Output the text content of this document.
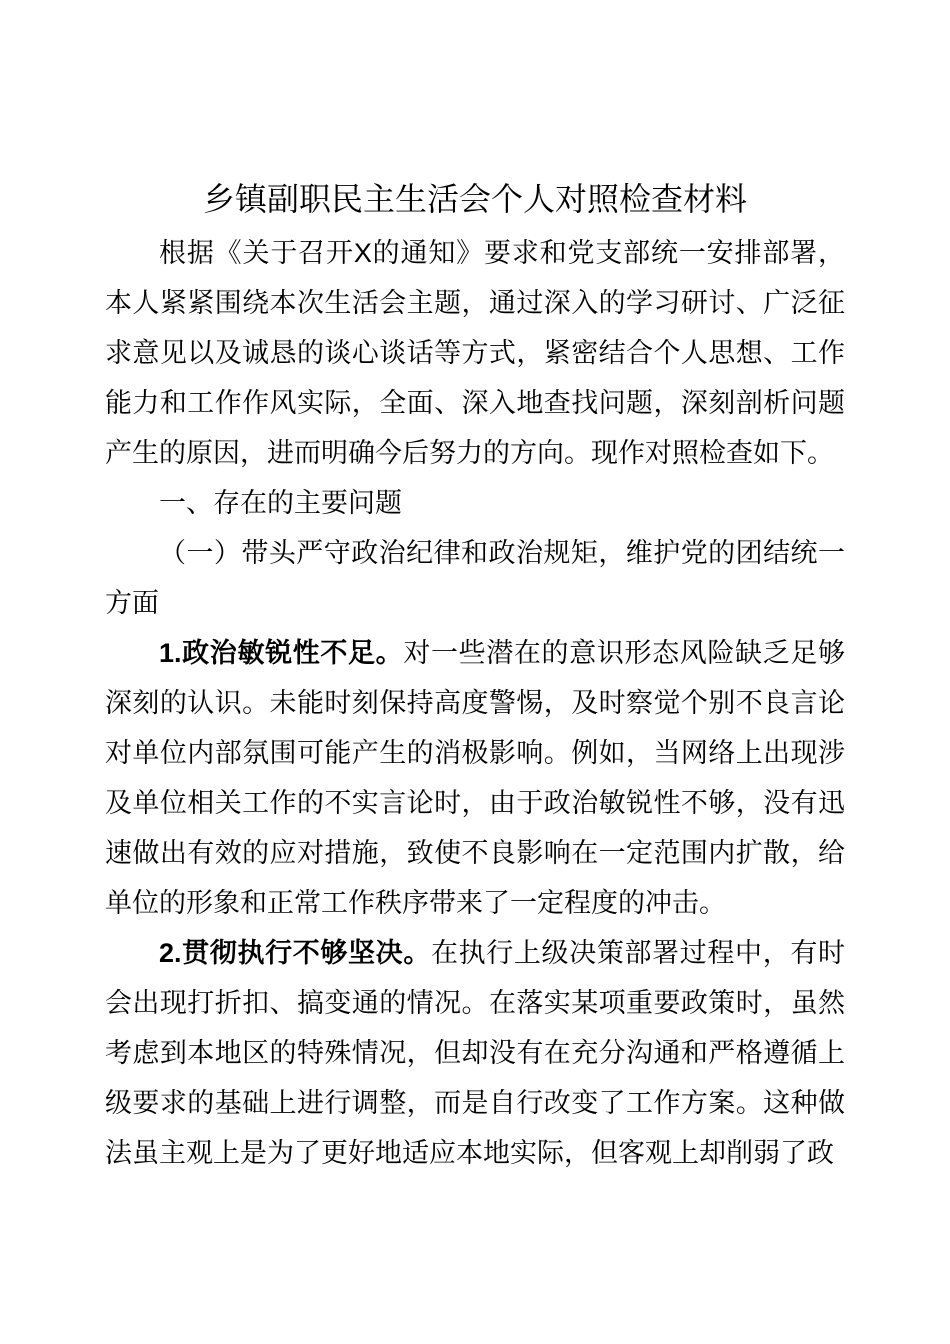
乡镇副职民主生活会个人对照检查材料

根据《关于召开X的通知》要求和党支部统一安排部署，本人紧紧围绕本次生活会主题，通过深入的学习研讨、广泛征求意见以及诚恳的谈心谈话等方式，紧密结合个人思想、工作能力和工作作风实际，全面、深入地查找问题，深刻剖析问题产生的原因，进而明确今后努力的方向。现作对照检查如下。

一、存在的主要问题

（一）带头严守政治纪律和政治规矩，维护党的团结统一方面

1.政治敏锐性不足。对一些潜在的意识形态风险缺乏足够深刻的认识。未能时刻保持高度警惕，及时察觉个别不良言论对单位内部氛围可能产生的消极影响。例如，当网络上出现涉及单位相关工作的不实言论时，由于政治敏锐性不够，没有迅速做出有效的应对措施，致使不良影响在一定范围内扩散，给单位的形象和正常工作秩序带来了一定程度的冲击。

2.贯彻执行不够坚决。在执行上级决策部署过程中，有时会出现打折扣、搞变通的情况。在落实某项重要政策时，虽然考虑到本地区的特殊情况，但却没有在充分沟通和严格遵循上级要求的基础上进行调整，而是自行改变了工作方案。这种做法虽主观上是为了更好地适应本地实际，但客观上却削弱了政
